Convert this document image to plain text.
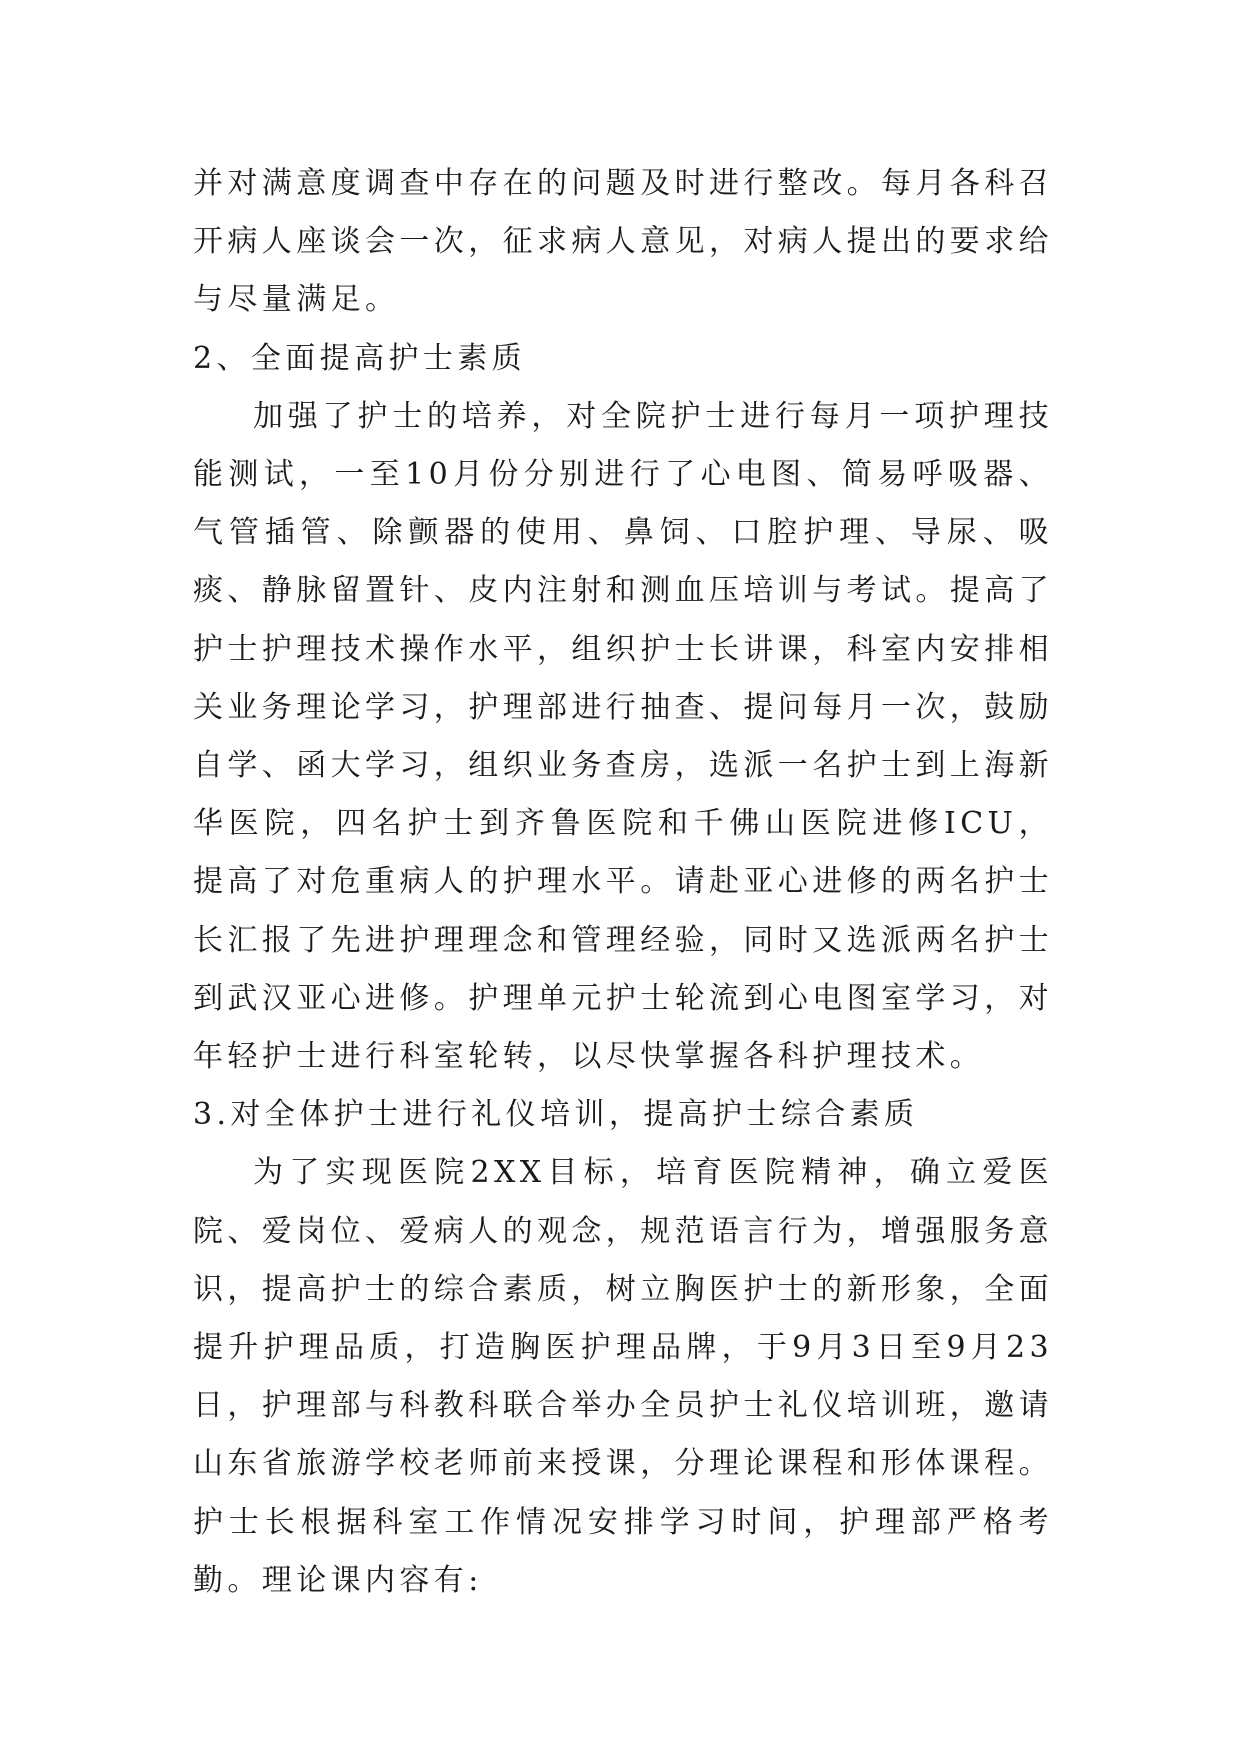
并对满意度调查中存在的问题及时进行整改。每月各科召开病人座谈会一次，征求病人意见，对病人提出的要求给与尽量满足。

2、全面提高护士素质

加强了护士的培养，对全院护士进行每月一项护理技能测试，一至10月份分别进行了心电图、简易呼吸器、气管插管、除颤器的使用、鼻饲、口腔护理、导尿、吸痰、静脉留置针、皮内注射和测血压培训与考试。提高了护士护理技术操作水平，组织护士长讲课，科室内安排相关业务理论学习，护理部进行抽查、提问每月一次，鼓励自学、函大学习，组织业务查房，选派一名护士到上海新华医院，四名护士到齐鲁医院和千佛山医院进修ICU，提高了对危重病人的护理水平。请赴亚心进修的两名护士长汇报了先进护理理念和管理经验，同时又选派两名护士到武汉亚心进修。护理单元护士轮流到心电图室学习，对年轻护士进行科室轮转，以尽快掌握各科护理技术。

3.对全体护士进行礼仪培训，提高护士综合素质

为了实现医院2XX目标，培育医院精神，确立爱医院、爱岗位、爱病人的观念，规范语言行为，增强服务意识，提高护士的综合素质，树立胸医护士的新形象，全面提升护理品质，打造胸医护理品牌，于9月3日至9月23日，护理部与科教科联合举办全员护士礼仪培训班，邀请山东省旅游学校老师前来授课，分理论课程和形体课程。护士长根据科室工作情况安排学习时间，护理部严格考勤。理论课内容有:
